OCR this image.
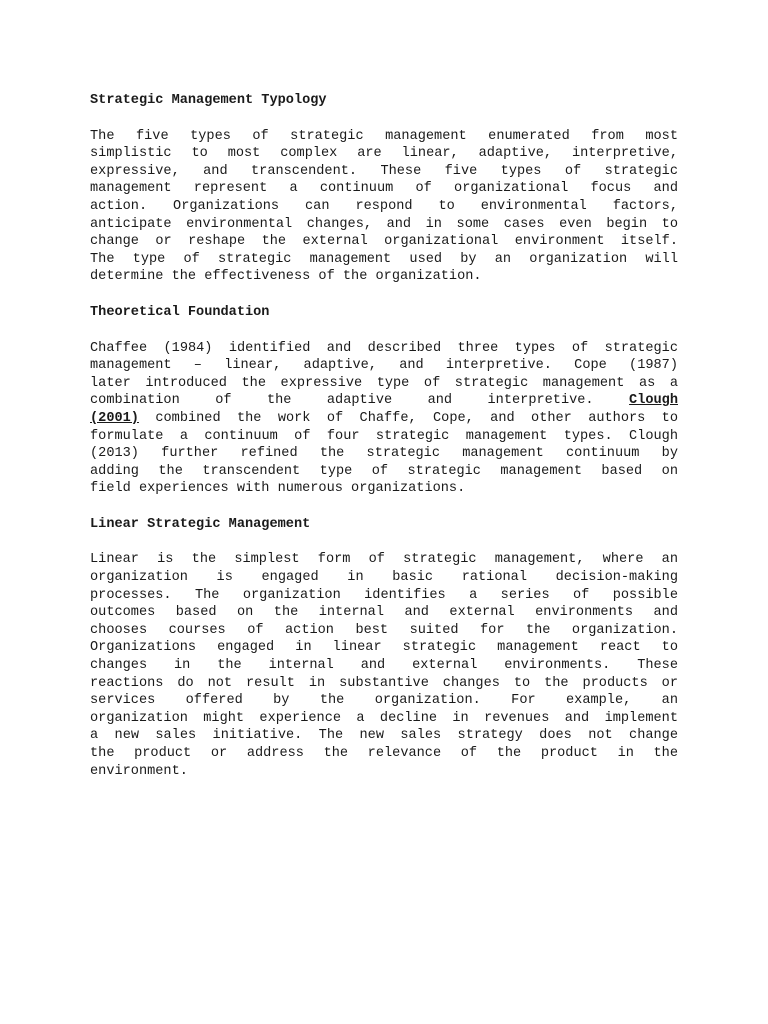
Strategic Management Typology
The five types of strategic management enumerated from most
simplistic to most complex are linear, adaptive, interpretive,
expressive, and transcendent. These five types of strategic
management represent a continuum of organizational focus and
action. Organizations can respond to environmental factors,
anticipate environmental changes, and in some cases even begin to
change or reshape the external organizational environment itself.
The type of strategic management used by an organization will
determine the effectiveness of the organization.
Theoretical Foundation
Chaffee (1984) identified and described three types of strategic
management – linear, adaptive, and interpretive. Cope (1987)
later introduced the expressive type of strategic management as a
combination of the adaptive and interpretive.	Clough
(2001) combined the work of Chaffe, Cope, and other authors to
formulate a continuum of four strategic management types. Clough
(2013) further refined the strategic management continuum by
adding the transcendent type of strategic management based on
field experiences with numerous organizations.
Linear Strategic Management
Linear is the simplest form of strategic management, where an
organization is engaged in basic rational decision-making
processes. The organization identifies a series of possible
outcomes based on the internal and external environments and
chooses courses of action best suited for the organization.
Organizations engaged in linear strategic management react to
changes in the internal and external environments. These
reactions do not result in substantive changes to the products or
services offered by the organization. For example, an
organization might experience a decline in revenues and implement
a new sales initiative. The new sales strategy does not change
the product or address the relevance of the product in the
environment.
